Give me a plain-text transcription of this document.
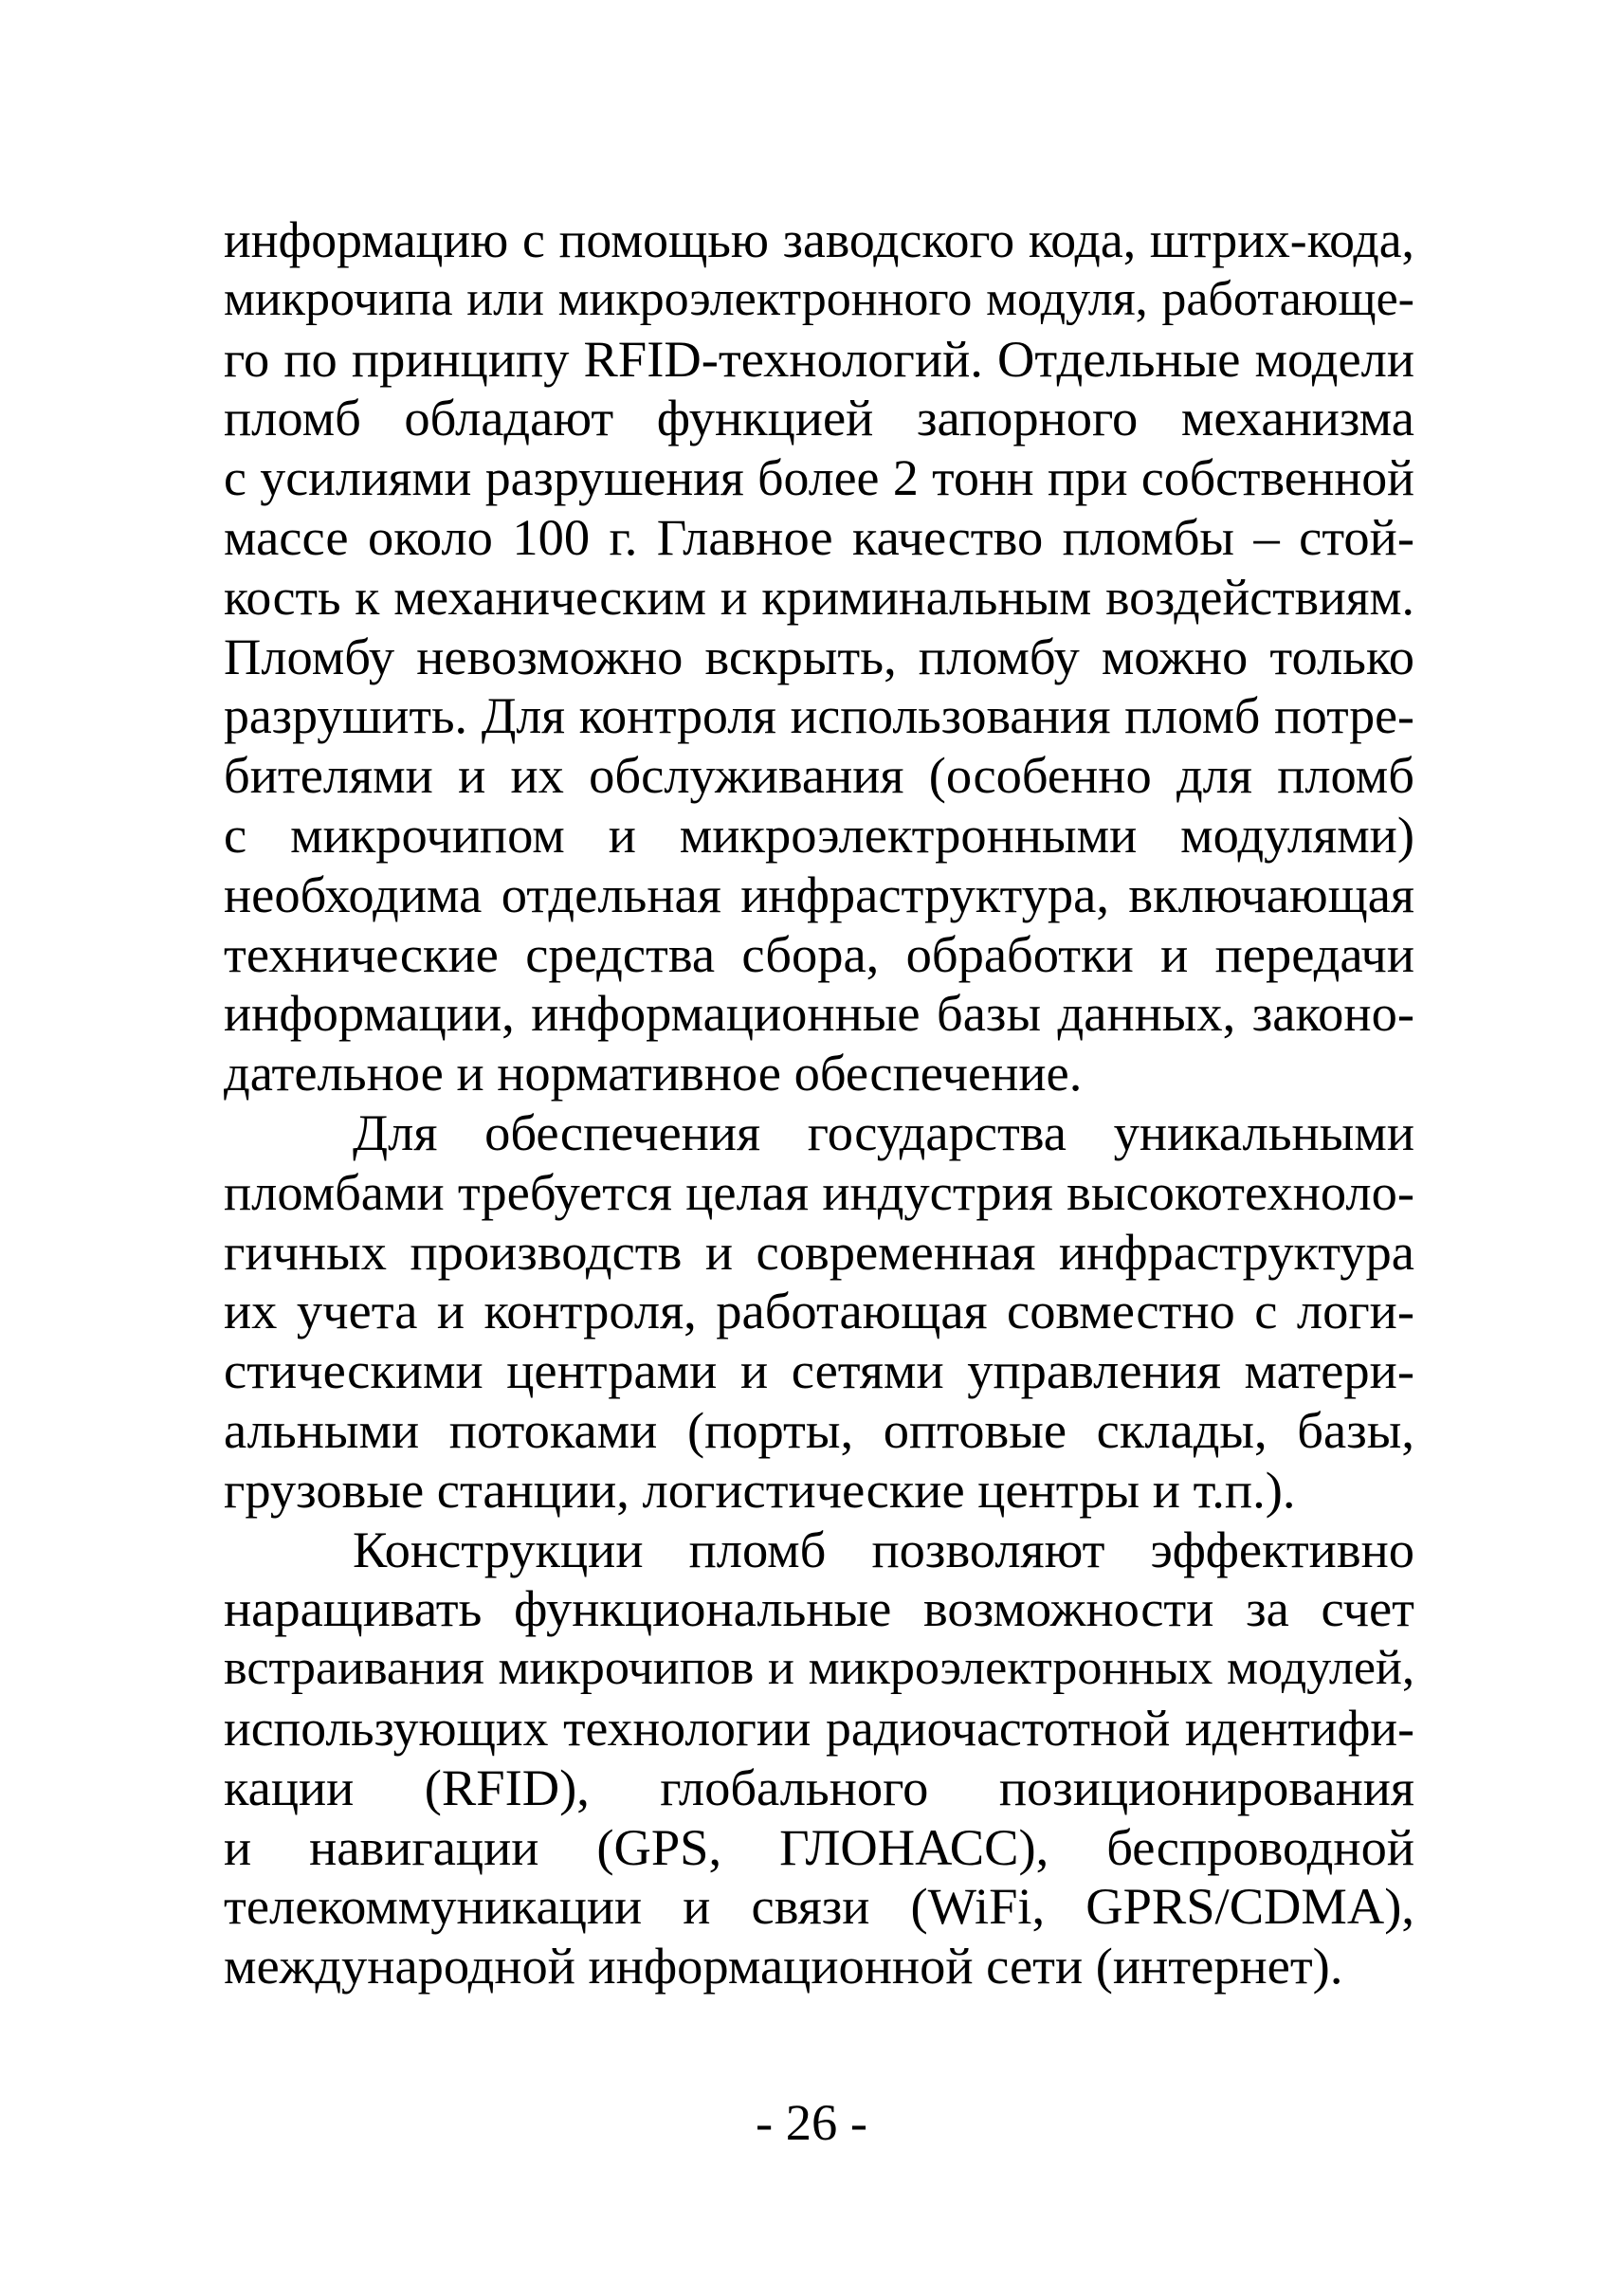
информацию с помощью заводского кода, штрих-кода,
микрочипа или микроэлектронного модуля, работающе-
го по принципу RFID-технологий. Отдельные модели
пломб обладают функцией запорного механизма
с усилиями разрушения более 2 тонн при собственной
массе около 100 г. Главное качество пломбы – стой-
кость к механическим и криминальным воздействиям.
Пломбу невозможно вскрыть, пломбу можно только
разрушить. Для контроля использования пломб потре-
бителями и их обслуживания (особенно для пломб
с микрочипом и микроэлектронными модулями)
необходима отдельная инфраструктура, включающая
технические средства сбора, обработки и передачи
информации, информационные базы данных, законо-
дательное и нормативное обеспечение.
Для обеспечения государства уникальными
пломбами требуется целая индустрия высокотехноло-
гичных производств и современная инфраструктура
их учета и контроля, работающая совместно с логи-
стическими центрами и сетями управления матери-
альными потоками (порты, оптовые склады, базы,
грузовые станции, логистические центры и т.п.).
Конструкции пломб позволяют эффективно
наращивать функциональные возможности за счет
встраивания микрочипов и микроэлектронных модулей,
использующих технологии радиочастотной идентифи-
кации (RFID), глобального позиционирования
и навигации (GPS, ГЛОНАСС), беспроводной
телекоммуникации и связи (WiFi, GPRS/CDMA),
международной информационной сети (интернет).
- 26 -
